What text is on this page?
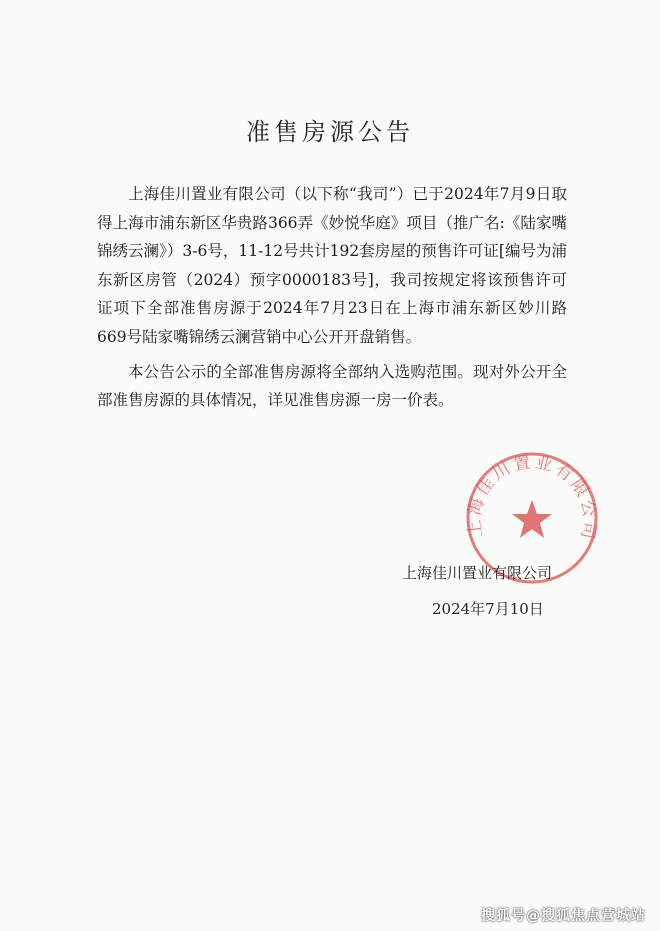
准售房源公告

上海佳川置业有限公司（以下称“我司”）已于2024年7月9日取得上海市浦东新区华贵路366弄《妙悦华庭》项目（推广名:《陆家嘴锦绣云澜》）3-6号，11-12号共计192套房屋的预售许可证[编号为浦东新区房管（2024）预字0000183号]，我司按规定将该预售许可证项下全部准售房源于2024年7月23日在上海市浦东新区妙川路669号陆家嘴锦绣云澜营销中心公开开盘销售。

本公告公示的全部准售房源将全部纳入选购范围。现对外公开全部准售房源的具体情况，详见准售房源一房一价表。

上海佳川置业有限公司
上海佳川置业有限公司
2024年7月10日
搜狐号@搜狐焦点营城站
